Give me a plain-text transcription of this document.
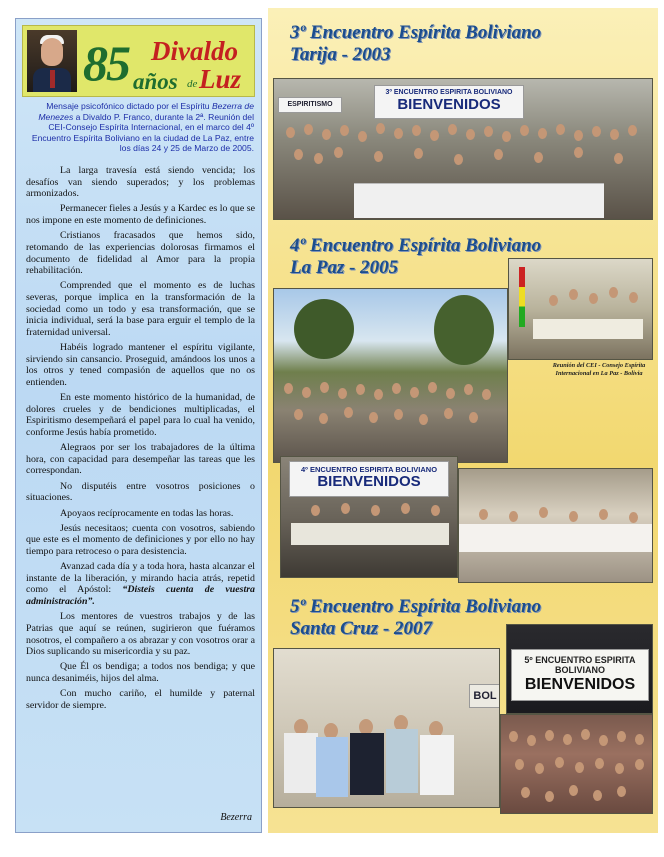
85 Divaldo
años de Luz
Mensaje psicofónico dictado por el Espíritu Bezerra de Menezes a Divaldo P. Franco, durante la 2ª. Reunión del CEI-Consejo Espírita Internacional, en el marco del 4º Encuentro Espírita Boliviano en la ciudad de La Paz, entre los días 24 y 25 de Marzo de 2005.

La larga travesía está siendo vencida; los desafíos van siendo superados; y los problemas armonizados.

Permanecer fieles a Jesús y a Kardec es lo que se nos impone en este momento de definiciones.

Cristianos fracasados que hemos sido, retomando de las experiencias dolorosas firmamos el documento de fidelidad al Amor para la propia rehabilitación.

Comprended que el momento es de luchas severas, porque implica en la transformación de la sociedad como un todo y esa transformación, que se inicia individual, será la base para erguir el templo de la fraternidad universal.

Habéis logrado mantener el espíritu vigilante, sirviendo sin cansancio. Proseguid, amándoos los unos a los otros y tened compasión de aquellos que no os entienden.

En este momento histórico de la humanidad, de dolores crueles y de bendiciones multiplicadas, el Espiritismo desempeñará el papel para lo cual ha venido, conforme Jesús había prometido.

Alegraos por ser los trabajadores de la última hora, con capacidad para desempeñar las tareas que les correspondan.

No disputéis entre vosotros posiciones o situaciones.

Apoyaos recíprocamente en todas las horas.

Jesús necesitaos; cuenta con vosotros, sabiendo que este es el momento de definiciones y por ello no hay tiempo para retroceso o para desistencia.

Avanzad cada día y a toda hora, hasta alcanzar el instante de la liberación, y mirando hacia atrás, repetid como el Apóstol: “Disteis cuenta de vuestra administración”.

Los mentores de vuestros trabajos y de las Patrias que aquí se reúnen, sugirieron que fuéramos nosotros, el compañero a os abrazar y con vosotros orar a Dios suplicando su misericordia y su paz.

Que Él os bendiga; a todos nos bendiga; y que nunca desaniméis, hijos del alma.

Con mucho cariño, el humilde y paternal servidor de siempre.

Bezerra
3º Encuentro Espírita Boliviano
Tarija - 2003
3º ENCUENTRO ESPIRITA BOLIVIANO
BIENVENIDOS
ESPIRITISMO
4º Encuentro Espírita Boliviano
La Paz - 2005
Reunión del CEI - Consejo Espírita Internacional en La Paz - Bolivia
4º ENCUENTRO ESPIRITA BOLIVIANO
BIENVENIDOS
5º Encuentro Espírita Boliviano
Santa Cruz - 2007
5º ENCUENTRO ESPIRITA BOLIVIANO
BIENVENIDOS
BOL
